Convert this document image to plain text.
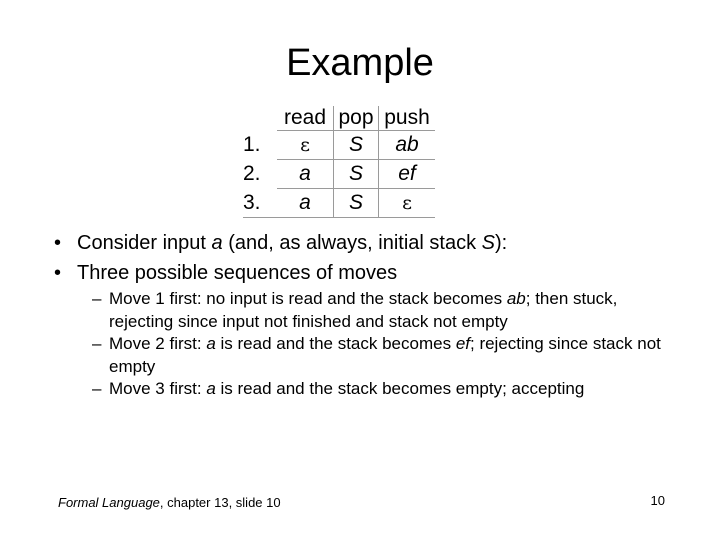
Example
	read	pop	push
1.	ε	S	ab
2.	a	S	ef
3.	a	S	ε
• Consider input a (and, as always, initial stack S):
• Three possible sequences of moves
– Move 1 first: no input is read and the stack becomes ab; then stuck, rejecting since input not finished and stack not empty
– Move 2 first: a is read and the stack becomes ef; rejecting since stack not empty
– Move 3 first: a is read and the stack becomes empty; accepting
Formal Language, chapter 13, slide 10	10
